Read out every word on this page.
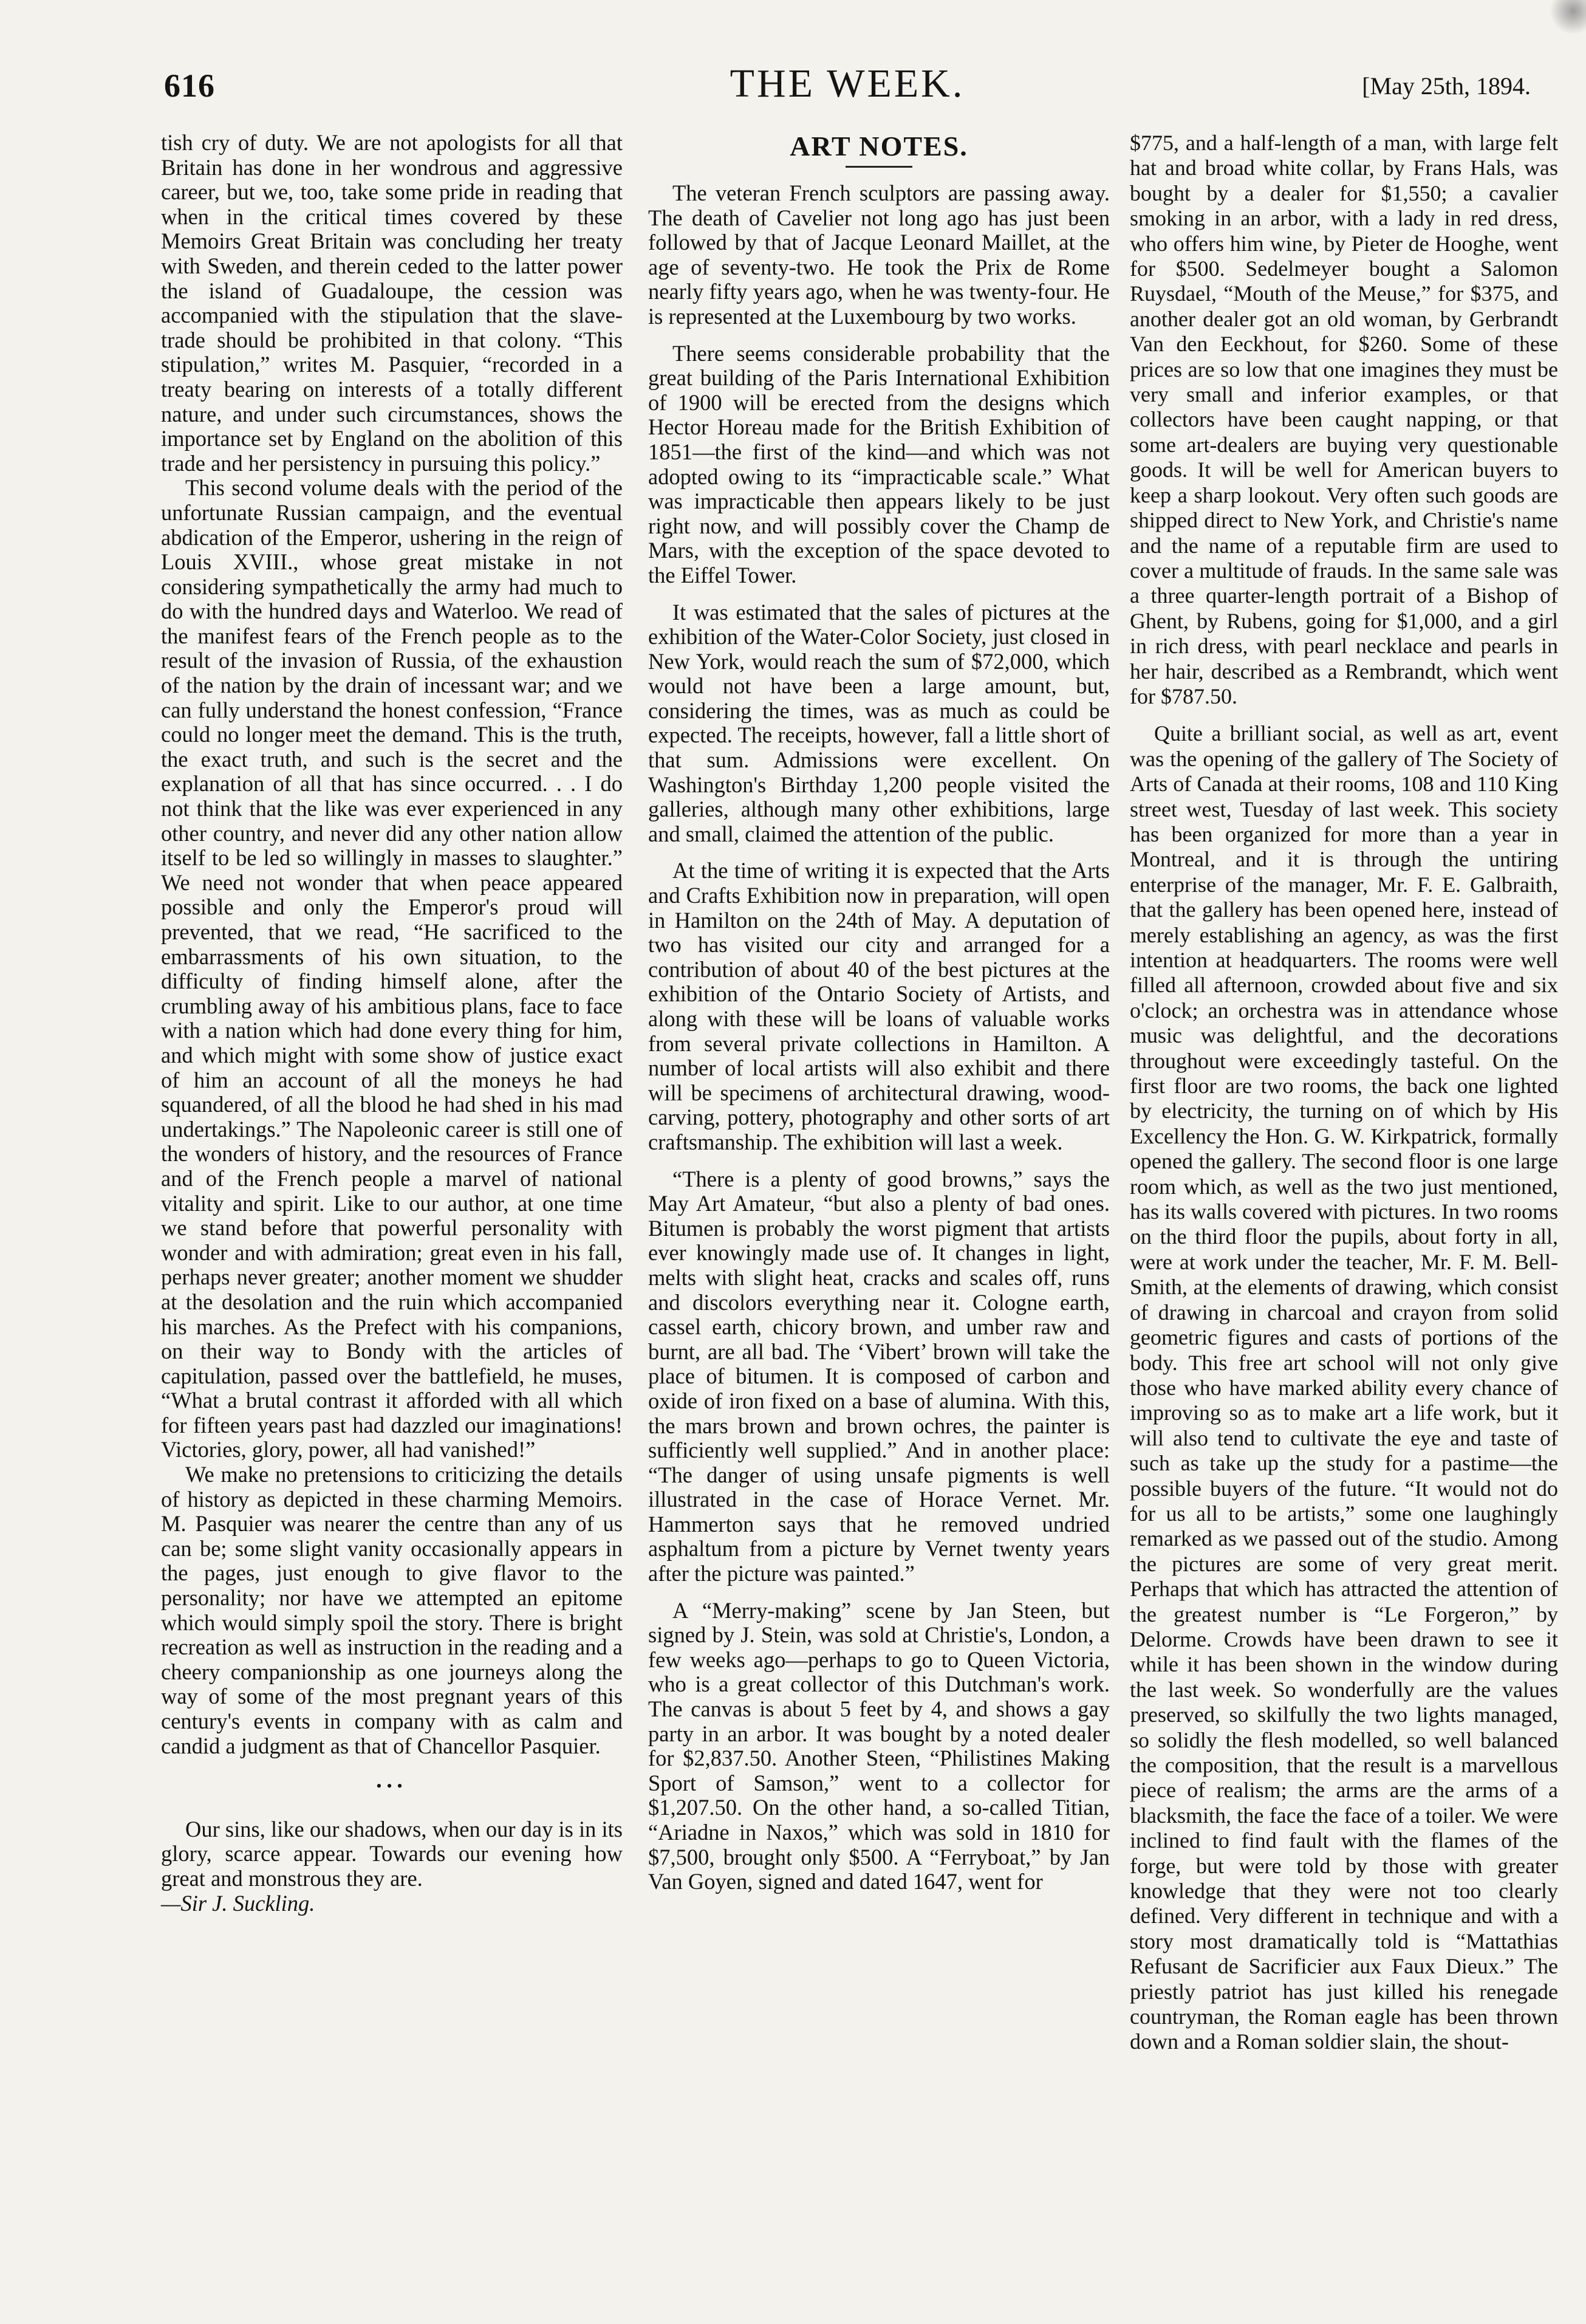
616	THE WEEK.	[May 25th, 1894.

tish cry of duty. We are not apologists for all that Britain has done in her wondrous and aggressive career, but we, too, take some pride in reading that when in the critical times covered by these Memoirs Great Britain was concluding her treaty with Sweden, and therein ceded to the latter power the island of Guadaloupe, the cession was accompanied with the stipulation that the slave-trade should be prohibited in that colony. “This stipulation,” writes M. Pasquier, “recorded in a treaty bearing on interests of a totally different nature, and under such circumstances, shows the importance set by England on the abolition of this trade and her persistency in pursuing this policy.”

This second volume deals with the period of the unfortunate Russian campaign, and the eventual abdication of the Emperor, ushering in the reign of Louis XVIII., whose great mistake in not considering sympathetically the army had much to do with the hundred days and Waterloo. We read of the manifest fears of the French people as to the result of the invasion of Russia, of the exhaustion of the nation by the drain of incessant war; and we can fully understand the honest confession, “France could no longer meet the demand. This is the truth, the exact truth, and such is the secret and the explanation of all that has since occurred. . . I do not think that the like was ever experienced in any other country, and never did any other nation allow itself to be led so willingly in masses to slaughter.” We need not wonder that when peace appeared possible and only the Emperor's proud will prevented, that we read, “He sacrificed to the embarrassments of his own situation, to the difficulty of finding himself alone, after the crumbling away of his ambitious plans, face to face with a nation which had done every thing for him, and which might with some show of justice exact of him an account of all the moneys he had squandered, of all the blood he had shed in his mad undertakings.” The Napoleonic career is still one of the wonders of history, and the resources of France and of the French people a marvel of national vitality and spirit. Like to our author, at one time we stand before that powerful personality with wonder and with admiration; great even in his fall, perhaps never greater; another moment we shudder at the desolation and the ruin which accompanied his marches. As the Prefect with his companions, on their way to Bondy with the articles of capitulation, passed over the battlefield, he muses, “What a brutal contrast it afforded with all which for fifteen years past had dazzled our imaginations! Victories, glory, power, all had vanished!”

We make no pretensions to criticizing the details of history as depicted in these charming Memoirs. M. Pasquier was nearer the centre than any of us can be; some slight vanity occasionally appears in the pages, just enough to give flavor to the personality; nor have we attempted an epitome which would simply spoil the story. There is bright recreation as well as instruction in the reading and a cheery companionship as one journeys along the way of some of the most pregnant years of this century's events in company with as calm and candid a judgment as that of Chancellor Pasquier.

•••

Our sins, like our shadows, when our day is in its glory, scarce appear. Towards our evening how great and monstrous they are.

—Sir J. Suckling.

ART NOTES.

The veteran French sculptors are passing away. The death of Cavelier not long ago has just been followed by that of Jacque Leonard Maillet, at the age of seventy-two. He took the Prix de Rome nearly fifty years ago, when he was twenty-four. He is represented at the Luxembourg by two works.

There seems considerable probability that the great building of the Paris International Exhibition of 1900 will be erected from the designs which Hector Horeau made for the British Exhibition of 1851—the first of the kind—and which was not adopted owing to its “impracticable scale.” What was impracticable then appears likely to be just right now, and will possibly cover the Champ de Mars, with the exception of the space devoted to the Eiffel Tower.

It was estimated that the sales of pictures at the exhibition of the Water-Color Society, just closed in New York, would reach the sum of $72,000, which would not have been a large amount, but, considering the times, was as much as could be expected. The receipts, however, fall a little short of that sum. Admissions were excellent. On Washington's Birthday 1,200 people visited the galleries, although many other exhibitions, large and small, claimed the attention of the public.

At the time of writing it is expected that the Arts and Crafts Exhibition now in preparation, will open in Hamilton on the 24th of May. A deputation of two has visited our city and arranged for a contribution of about 40 of the best pictures at the exhibition of the Ontario Society of Artists, and along with these will be loans of valuable works from several private collections in Hamilton. A number of local artists will also exhibit and there will be specimens of architectural drawing, wood-carving, pottery, photography and other sorts of art craftsmanship. The exhibition will last a week.

“There is a plenty of good browns,” says the May Art Amateur, “but also a plenty of bad ones. Bitumen is probably the worst pigment that artists ever knowingly made use of. It changes in light, melts with slight heat, cracks and scales off, runs and discolors everything near it. Cologne earth, cassel earth, chicory brown, and umber raw and burnt, are all bad. The ‘Vibert’ brown will take the place of bitumen. It is composed of carbon and oxide of iron fixed on a base of alumina. With this, the mars brown and brown ochres, the painter is sufficiently well supplied.” And in another place: “The danger of using unsafe pigments is well illustrated in the case of Horace Vernet. Mr. Hammerton says that he removed undried asphaltum from a picture by Vernet twenty years after the picture was painted.”

A “Merry-making” scene by Jan Steen, but signed by J. Stein, was sold at Christie's, London, a few weeks ago—perhaps to go to Queen Victoria, who is a great collector of this Dutchman's work. The canvas is about 5 feet by 4, and shows a gay party in an arbor. It was bought by a noted dealer for $2,837.50. Another Steen, “Philistines Making Sport of Samson,” went to a collector for $1,207.50. On the other hand, a so-called Titian, “Ariadne in Naxos,” which was sold in 1810 for $7,500, brought only $500. A “Ferryboat,” by Jan Van Goyen, signed and dated 1647, went for

$775, and a half-length of a man, with large felt hat and broad white collar, by Frans Hals, was bought by a dealer for $1,550; a cavalier smoking in an arbor, with a lady in red dress, who offers him wine, by Pieter de Hooghe, went for $500. Sedelmeyer bought a Salomon Ruysdael, “Mouth of the Meuse,” for $375, and another dealer got an old woman, by Gerbrandt Van den Eeckhout, for $260. Some of these prices are so low that one imagines they must be very small and inferior examples, or that collectors have been caught napping, or that some art-dealers are buying very questionable goods. It will be well for American buyers to keep a sharp lookout. Very often such goods are shipped direct to New York, and Christie's name and the name of a reputable firm are used to cover a multitude of frauds. In the same sale was a three quarter-length portrait of a Bishop of Ghent, by Rubens, going for $1,000, and a girl in rich dress, with pearl necklace and pearls in her hair, described as a Rembrandt, which went for $787.50.

Quite a brilliant social, as well as art, event was the opening of the gallery of The Society of Arts of Canada at their rooms, 108 and 110 King street west, Tuesday of last week. This society has been organized for more than a year in Montreal, and it is through the untiring enterprise of the manager, Mr. F. E. Galbraith, that the gallery has been opened here, instead of merely establishing an agency, as was the first intention at headquarters. The rooms were well filled all afternoon, crowded about five and six o'clock; an orchestra was in attendance whose music was delightful, and the decorations throughout were exceedingly tasteful. On the first floor are two rooms, the back one lighted by electricity, the turning on of which by His Excellency the Hon. G. W. Kirkpatrick, formally opened the gallery. The second floor is one large room which, as well as the two just mentioned, has its walls covered with pictures. In two rooms on the third floor the pupils, about forty in all, were at work under the teacher, Mr. F. M. Bell-Smith, at the elements of drawing, which consist of drawing in charcoal and crayon from solid geometric figures and casts of portions of the body. This free art school will not only give those who have marked ability every chance of improving so as to make art a life work, but it will also tend to cultivate the eye and taste of such as take up the study for a pastime—the possible buyers of the future. “It would not do for us all to be artists,” some one laughingly remarked as we passed out of the studio. Among the pictures are some of very great merit. Perhaps that which has attracted the attention of the greatest number is “Le Forgeron,” by Delorme. Crowds have been drawn to see it while it has been shown in the window during the last week. So wonderfully are the values preserved, so skilfully the two lights managed, so solidly the flesh modelled, so well balanced the composition, that the result is a marvellous piece of realism; the arms are the arms of a blacksmith, the face the face of a toiler. We were inclined to find fault with the flames of the forge, but were told by those with greater knowledge that they were not too clearly defined. Very different in technique and with a story most dramatically told is “Mattathias Refusant de Sacrificier aux Faux Dieux.” The priestly patriot has just killed his renegade countryman, the Roman eagle has been thrown down and a Roman soldier slain, the shout-
